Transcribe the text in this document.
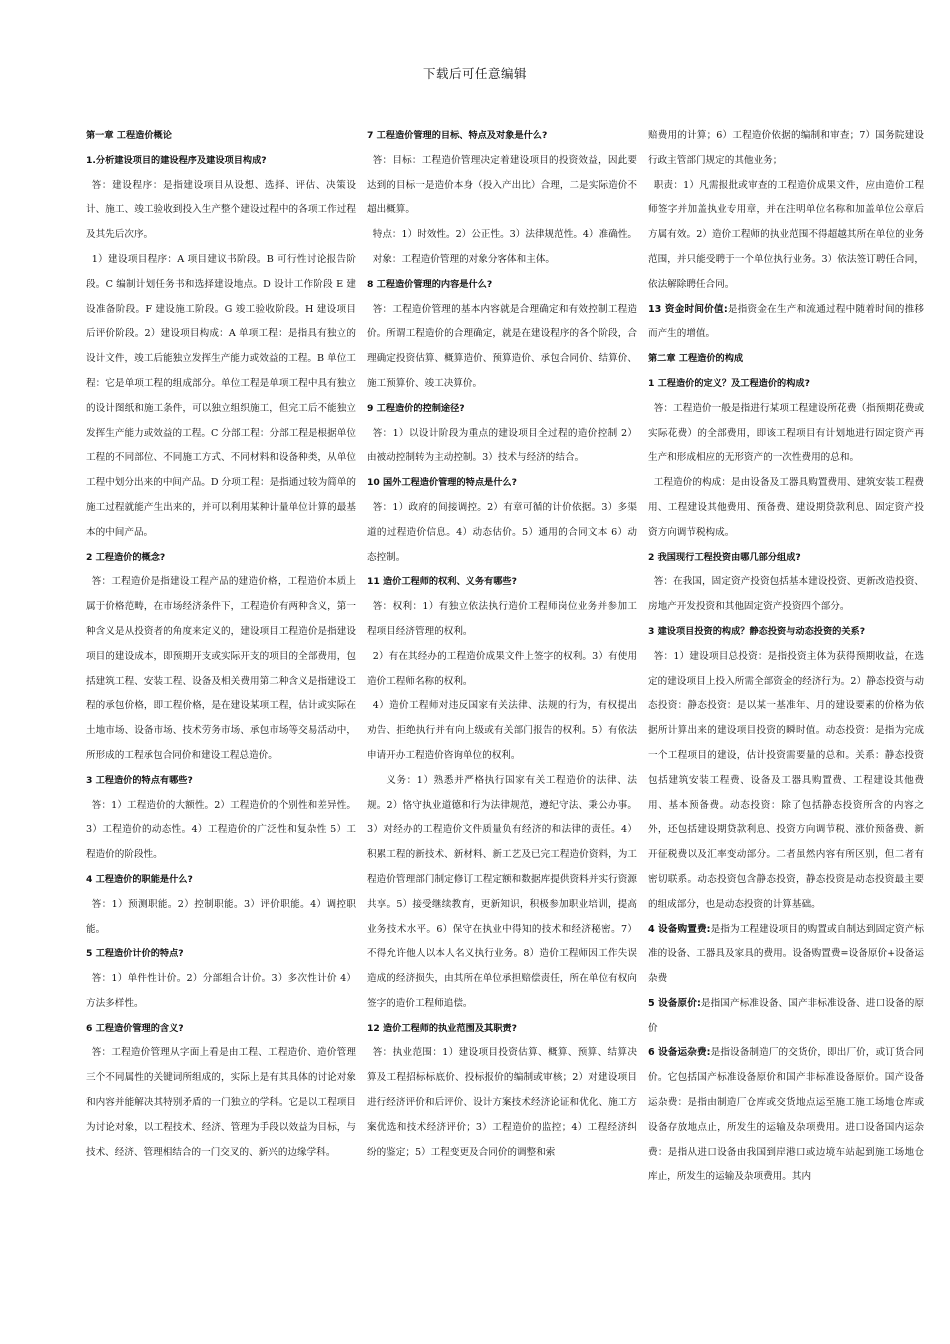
下载后可任意编辑

第一章 工程造价概论

1.分析建设项目的建设程序及建设项目构成?

答：建设程序：是指建设项目从设想、选择、评估、决策设计、施工、竣工验收到投入生产整个建设过程中的各项工作过程及其先后次序。

1）建设项目程序：A 项目建议书阶段。B 可行性讨论报告阶段。C 编制计划任务书和选择建设地点。D 设计工作阶段 E 建设准备阶段。F 建设施工阶段。G 竣工验收阶段。H 建设项目后评价阶段。2）建设项目构成：A 单项工程：是指具有独立的设计文件，竣工后能独立发挥生产能力或效益的工程。B 单位工程：它是单项工程的组成部分。单位工程是单项工程中具有独立的设计图纸和施工条件，可以独立组织施工，但完工后不能独立发挥生产能力或效益的工程。C 分部工程：分部工程是根据单位工程的不同部位、不同施工方式、不同材料和设备种类，从单位工程中划分出来的中间产品。D 分项工程：是指通过较为简单的施工过程就能产生出来的，并可以利用某种计量单位计算的最基本的中间产品。

2 工程造价的概念?

答：工程造价是指建设工程产品的建造价格，工程造价本质上属于价格范畴，在市场经济条件下，工程造价有两种含义，第一种含义是从投资者的角度来定义的，建设项目工程造价是指建设项目的建设成本，即预期开支或实际开支的项目的全部费用，包括建筑工程、安装工程、设备及相关费用第二种含义是指建设工程的承包价格，即工程价格，是在建设某项工程，估计或实际在土地市场、设备市场、技术劳务市场、承包市场等交易活动中，所形成的工程承包合同价和建设工程总造价。

3 工程造价的特点有哪些?

答：1）工程造价的大额性。2）工程造价的个别性和差异性。3）工程造价的动态性。4）工程造价的广泛性和复杂性 5）工程造价的阶段性。

4 工程造价的职能是什么?

答：1）预测职能。2）控制职能。3）评价职能。4）调控职能。

5 工程造价计价的特点?

答：1）单件性计价。2）分部组合计价。3）多次性计价 4）方法多样性。

6 工程造价管理的含义?

答：工程造价管理从字面上看是由工程、工程造价、造价管理三个不同属性的关键词所组成的，实际上是有其具体的讨论对象和内容并能解决其特别矛盾的一门独立的学科。它是以工程项目为讨论对象，以工程技术、经济、管理为手段以效益为目标，与技术、经济、管理相结合的一门交叉的、新兴的边缘学科。

7 工程造价管理的目标、特点及对象是什么?

答：目标：工程造价管理决定着建设项目的投资效益，因此要达到的目标一是造价本身（投入产出比）合理，二是实际造价不超出概算。

特点：1）时效性。2）公正性。3）法律规范性。4）准确性。

对象：工程造价管理的对象分客体和主体。

8 工程造价管理的内容是什么?

答：工程造价管理的基本内容就是合理确定和有效控制工程造价。所谓工程造价的合理确定，就是在建设程序的各个阶段，合理确定投资估算、概算造价、预算造价、承包合同价、结算价、施工预算价、竣工决算价。

9 工程造价的控制途径?

答：1）以设计阶段为重点的建设项目全过程的造价控制 2）由被动控制转为主动控制。3）技术与经济的结合。

10 国外工程造价管理的特点是什么?

答：1）政府的间接调控。2）有章可循的计价依据。3）多渠道的过程造价信息。4）动态估价。5）通用的合同文本 6）动态控制。

11 造价工程师的权利、义务有哪些?

答：权利：1）有独立依法执行造价工程师岗位业务并参加工程项目经济管理的权利。

2）有在其经办的工程造价成果文件上签字的权利。3）有使用造价工程师名称的权利。

4）造价工程师对违反国家有关法律、法规的行为，有权提出劝告、拒绝执行并有向上级或有关部门报告的权利。5）有依法申请开办工程造价咨询单位的权利。

义务：1）熟悉并严格执行国家有关工程造价的法律、法规。2）恪守执业道德和行为法律规范，遵纪守法、秉公办事。3）对经办的工程造价文件质量负有经济的和法律的责任。4）积累工程的新技术、新材料、新工艺及已完工程造价资料，为工程造价管理部门制定修订工程定额和数据库提供资料并实行资源共享。5）接受继续教育，更新知识，积极参加职业培训，提高业务技术水平。6）保守在执业中得知的技术和经济秘密。7）不得允许他人以本人名义执行业务。8）造价工程师因工作失误造成的经济损失，由其所在单位承担赔偿责任，所在单位有权向签字的造价工程师追偿。

12 造价工程师的执业范围及其职责?

答：执业范围：1）建设项目投资估算、概算、预算、结算决算及工程招标标底价、投标报价的编制或审核；2）对建设项目进行经济评价和后评价、设计方案技术经济论证和优化、施工方案优选和技术经济评价；3）工程造价的监控；4）工程经济纠纷的鉴定；5）工程变更及合同价的调整和索

赔费用的计算；6）工程造价依据的编制和审查；7）国务院建设行政主管部门规定的其他业务；

职责：1）凡需报批或审查的工程造价成果文件，应由造价工程师签字并加盖执业专用章，并在注明单位名称和加盖单位公章后方属有效。2）造价工程师的执业范围不得超越其所在单位的业务范围，并只能受聘于一个单位执行业务。3）依法签订聘任合同，依法解除聘任合同。

13 资金时间价值:是指资金在生产和流通过程中随着时间的推移而产生的增值。

第二章 工程造价的构成

1 工程造价的定义？及工程造价的构成?

答：工程造价一般是指进行某项工程建设所花费（指预期花费或实际花费）的全部费用，即该工程项目有计划地进行固定资产再生产和形成相应的无形资产的一次性费用的总和。

工程造价的构成：是由设备及工器具购置费用、建筑安装工程费用、工程建设其他费用、预备费、建设期贷款利息、固定资产投资方向调节税构成。

2 我国现行工程投资由哪几部分组成?

答：在我国，固定资产投资包括基本建设投资、更新改造投资、房地产开发投资和其他固定资产投资四个部分。

3 建设项目投资的构成？静态投资与动态投资的关系?

答：1）建设项目总投资：是指投资主体为获得预期收益，在选定的建设项目上投入所需全部资金的经济行为。2）静态投资与动态投资：静态投资：是以某一基准年、月的建设要素的价格为依据所计算出来的建设项目投资的瞬时值。动态投资：是指为完成一个工程项目的建设，估计投资需要量的总和。关系：静态投资包括建筑安装工程费、设备及工器具购置费、工程建设其他费用、基本预备费。动态投资：除了包括静态投资所含的内容之外，还包括建设期贷款利息、投资方向调节税、涨价预备费、新开征税费以及汇率变动部分。二者虽然内容有所区别，但二者有密切联系。动态投资包含静态投资，静态投资是动态投资最主要的组成部分，也是动态投资的计算基础。

4 设备购置费:是指为工程建设项目的购置或自制达到固定资产标准的设备、工器具及家具的费用。设备购置费=设备原价+设备运杂费

5 设备原价:是指国产标准设备、国产非标准设备、进口设备的原价

6 设备运杂费:是指设备制造厂的交货价，即出厂价，或订货合同价。它包括国产标准设备原价和国产非标准设备原价。国产设备运杂费：是指由制造厂仓库或交货地点运至施工施工场地仓库或设备存放地点止，所发生的运输及杂项费用。进口设备国内运杂费：是指从进口设备由我国到岸港口或边境车站起到施工场地仓库止，所发生的运输及杂项费用。其内
